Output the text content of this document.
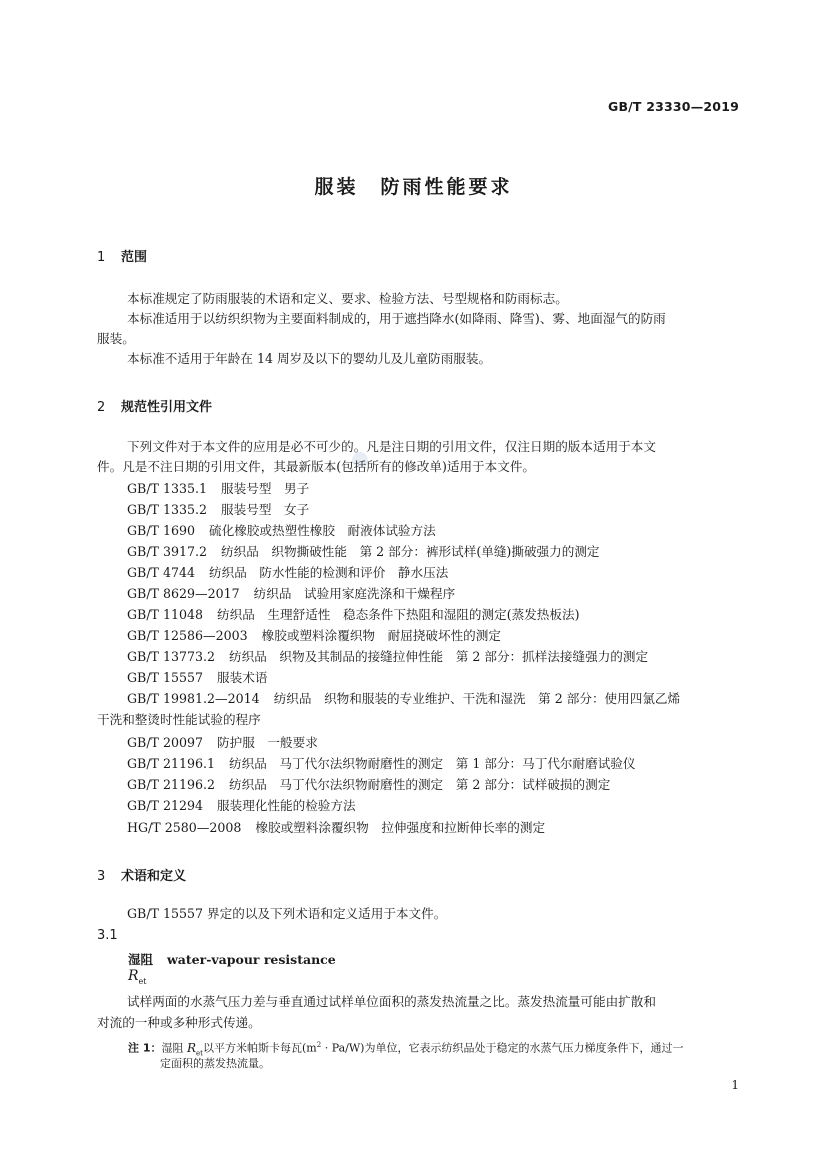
GB/T 23330—2019
服装 防雨性能要求
1 范围
本标准规定了防雨服装的术语和定义、要求、检验方法、号型规格和防雨标志。
本标准适用于以纺织织物为主要面料制成的，用于遮挡降水(如降雨、降雪)、雾、地面湿气的防雨
服装。
本标准不适用于年龄在 14 周岁及以下的婴幼儿及儿童防雨服装。
2 规范性引用文件
下列文件对于本文件的应用是必不可少的。凡是注日期的引用文件，仅注日期的版本适用于本文
件。凡是不注日期的引用文件，其最新版本(包括所有的修改单)适用于本文件。
GB/T 1335.1 服装号型　男子
GB/T 1335.2 服装号型　女子
GB/T 1690 硫化橡胶或热塑性橡胶　耐液体试验方法
GB/T 3917.2 纺织品　织物撕破性能　第 2 部分：裤形试样(单缝)撕破强力的测定
GB/T 4744 纺织品　防水性能的检测和评价　静水压法
GB/T 8629—2017 纺织品　试验用家庭洗涤和干燥程序
GB/T 11048 纺织品　生理舒适性　稳态条件下热阻和湿阻的测定(蒸发热板法)
GB/T 12586—2003 橡胶或塑料涂覆织物　耐屈挠破坏性的测定
GB/T 13773.2 纺织品　织物及其制品的接缝拉伸性能　第 2 部分：抓样法接缝强力的测定
GB/T 15557 服装术语
GB/T 19981.2—2014 纺织品　织物和服装的专业维护、干洗和湿洗　第 2 部分：使用四氯乙烯
干洗和整烫时性能试验的程序
GB/T 20097 防护服　一般要求
GB/T 21196.1 纺织品　马丁代尔法织物耐磨性的测定　第 1 部分：马丁代尔耐磨试验仪
GB/T 21196.2 纺织品　马丁代尔法织物耐磨性的测定　第 2 部分：试样破损的测定
GB/T 21294 服装理化性能的检验方法
HG/T 2580—2008 橡胶或塑料涂覆织物　拉伸强度和拉断伸长率的测定
3 术语和定义
GB/T 15557 界定的以及下列术语和定义适用于本文件。
3.1
湿阻 water-vapour resistance
$R_{et}$
试样两面的水蒸气压力差与垂直通过试样单位面积的蒸发热流量之比。蒸发热流量可能由扩散和
对流的一种或多种形式传递。
注 1：湿阻 $R_{et}$以平方米帕斯卡每瓦$(m^2 \cdot Pa/W)$为单位，它表示纺织品处于稳定的水蒸气压力梯度条件下，通过一
定面积的蒸发热流量。
1
